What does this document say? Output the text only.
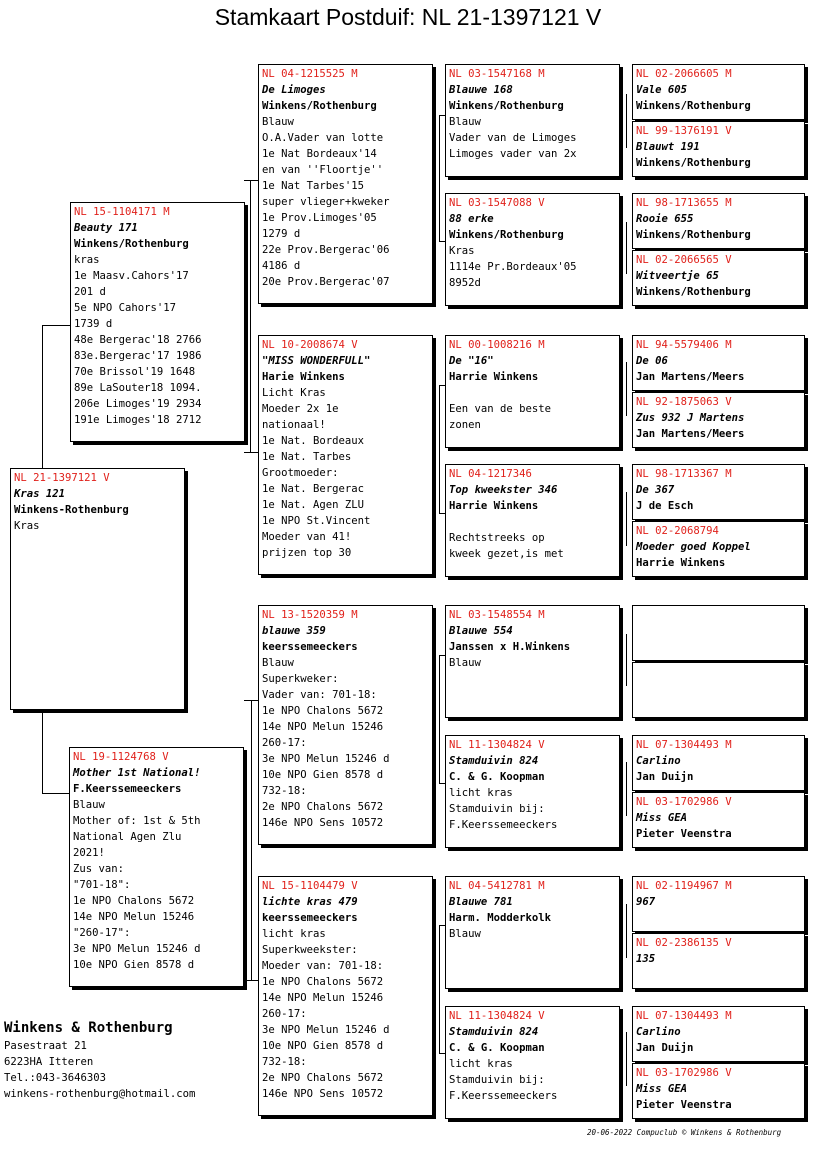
Stamkaart Postduif: NL 21-1397121 V
NL 21-1397121 V
Kras 121
Winkens-Rothenburg
Kras
NL 15-1104171 M
Beauty 171
Winkens/Rothenburg
kras
1e Maasv.Cahors'17
201 d
5e NPO Cahors'17
1739 d
48e Bergerac'18 2766
83e.Bergerac'17 1986
70e Brissol'19 1648
89e LaSouter18 1094.
206e Limoges'19 2934
191e Limoges'18 2712
NL 19-1124768 V
Mother 1st National!
F.Keerssemeeckers
Blauw
Mother of: 1st & 5th
National Agen Zlu
2021!
Zus van:
"701-18":
1e NPO Chalons 5672
14e NPO Melun 15246
"260-17":
3e NPO Melun 15246 d
10e NPO Gien 8578 d
NL 04-1215525 M
De Limoges
Winkens/Rothenburg
Blauw
O.A.Vader van lotte
1e Nat Bordeaux'14
en van ''Floortje''
1e Nat Tarbes'15
super vlieger+kweker
1e Prov.Limoges'05
1279 d
22e Prov.Bergerac'06
4186 d
20e Prov.Bergerac'07
NL 10-2008674 V
"MISS WONDERFULL"
Harie Winkens
Licht Kras
Moeder 2x 1e
nationaal!
1e Nat. Bordeaux
1e Nat. Tarbes
Grootmoeder:
1e Nat. Bergerac
1e Nat. Agen ZLU
1e NPO St.Vincent
Moeder van 41!
prijzen top 30
NL 13-1520359 M
blauwe 359
keerssemeeckers
Blauw
Superkweker:
Vader van: 701-18:
1e NPO Chalons 5672
14e NPO Melun 15246
260-17:
3e NPO Melun 15246 d
10e NPO Gien 8578 d
732-18:
2e NPO Chalons 5672
146e NPO Sens 10572
NL 15-1104479 V
lichte kras 479
keerssemeeckers
licht kras
Superkweekster:
Moeder van: 701-18:
1e NPO Chalons 5672
14e NPO Melun 15246
260-17:
3e NPO Melun 15246 d
10e NPO Gien 8578 d
732-18:
2e NPO Chalons 5672
146e NPO Sens 10572
NL 03-1547168 M
Blauwe 168
Winkens/Rothenburg
Blauw
Vader van de Limoges
Limoges vader van 2x
NL 03-1547088 V
88 erke
Winkens/Rothenburg
Kras
1114e Pr.Bordeaux'05
8952d
NL 00-1008216 M
De "16"
Harrie Winkens

Een van de beste
zonen
NL 04-1217346
Top kweekster 346
Harrie Winkens

Rechtstreeks op
kweek gezet,is met
NL 03-1548554 M
Blauwe 554
Janssen x H.Winkens
Blauw
NL 11-1304824 V
Stamduivin 824
C. & G. Koopman
licht kras
Stamduivin bij:
F.Keerssemeeckers
NL 04-5412781 M
Blauwe 781
Harm. Modderkolk
Blauw
NL 11-1304824 V
Stamduivin 824
C. & G. Koopman
licht kras
Stamduivin bij:
F.Keerssemeeckers
NL 02-2066605 M
Vale 605
Winkens/Rothenburg
NL 99-1376191 V
Blauwt 191
Winkens/Rothenburg
NL 98-1713655 M
Rooie 655
Winkens/Rothenburg
NL 02-2066565 V
Witveertje 65
Winkens/Rothenburg
NL 94-5579406 M
De 06
Jan Martens/Meers
NL 92-1875063 V
Zus 932 J Martens
Jan Martens/Meers
NL 98-1713367 M
De 367
J de Esch
NL 02-2068794
Moeder goed Koppel
Harrie Winkens
NL 07-1304493 M
Carlino
Jan Duijn
NL 03-1702986 V
Miss GEA
Pieter Veenstra
NL 02-1194967 M
967
NL 02-2386135 V
135
NL 07-1304493 M
Carlino
Jan Duijn
NL 03-1702986 V
Miss GEA
Pieter Veenstra
Winkens & Rothenburg
Pasestraat 21
6223HA Itteren
Tel.:043-3646303
winkens-rothenburg@hotmail.com
20-06-2022 Compuclub © Winkens & Rothenburg
